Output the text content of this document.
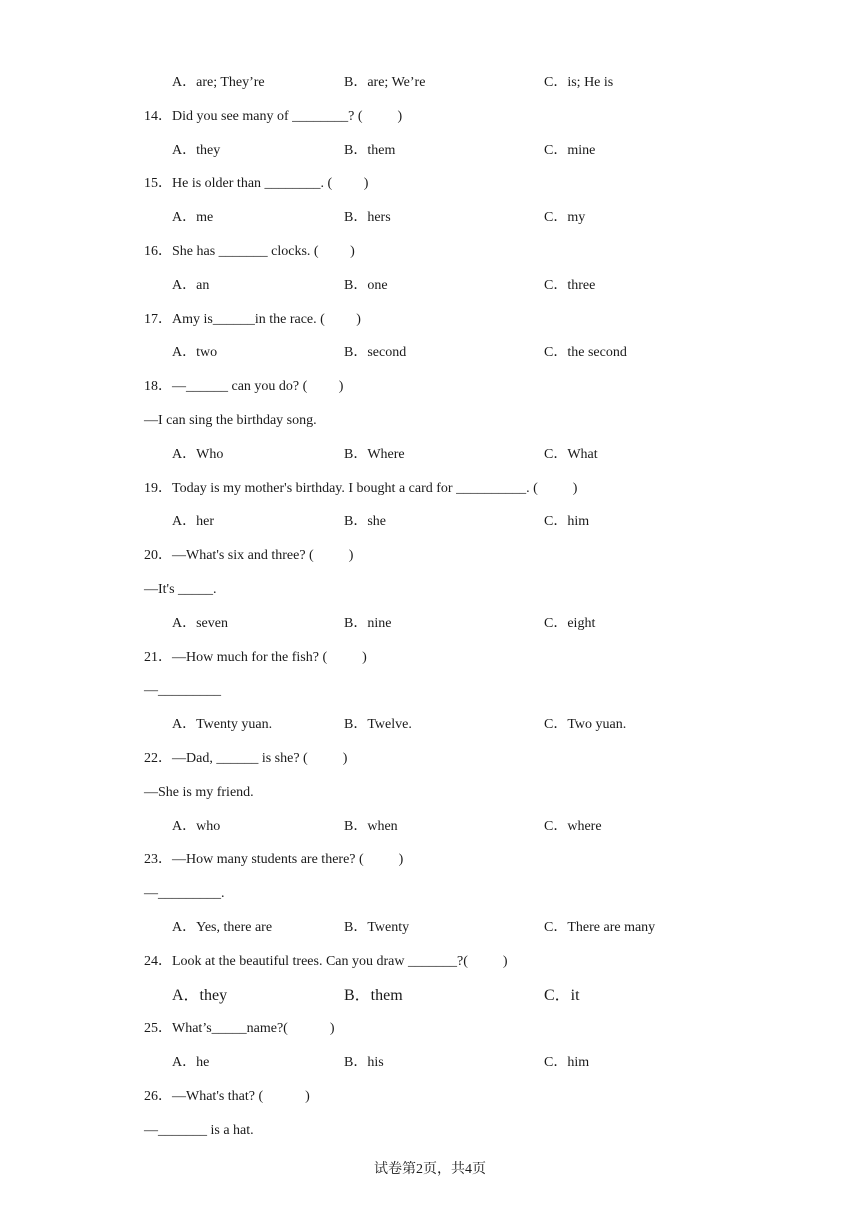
A．are; They’re	B．are; We’re	C．is; He is
14．Did you see many of ________? (          )
A．they	B．them	C．mine
15．He is older than ________. (         )
A．me	B．hers	C．my
16．She has _______ clocks. (         )
A．an	B．one	C．three
17．Amy is______in the race. (         )
A．two	B．second	C．the second
18．—______ can you do? (         )
—I can sing the birthday song.
A．Who	B．Where	C．What
19．Today is my mother's birthday. I bought a card for __________. (          )
A．her	B．she	C．him
20．—What's six and three? (          )
—It's _____.
A．seven	B．nine	C．eight
21．—How much for the fish? (          )
—_________
A．Twenty yuan.	B．Twelve.	C．Two yuan.
22．—Dad, ______ is she? (          )
—She is my friend.
A．who	B．when	C．where
23．—How many students are there? (          )
—_________.
A．Yes, there are	B．Twenty	C．There are many
24．Look at the beautiful trees. Can you draw _______?(          )
A．they	B．them	C．it
25．What’s_____name?(            )
A．he	B．his	C．him
26．—What's that? (            )
—_______ is a hat.
试卷第2页，共4页
